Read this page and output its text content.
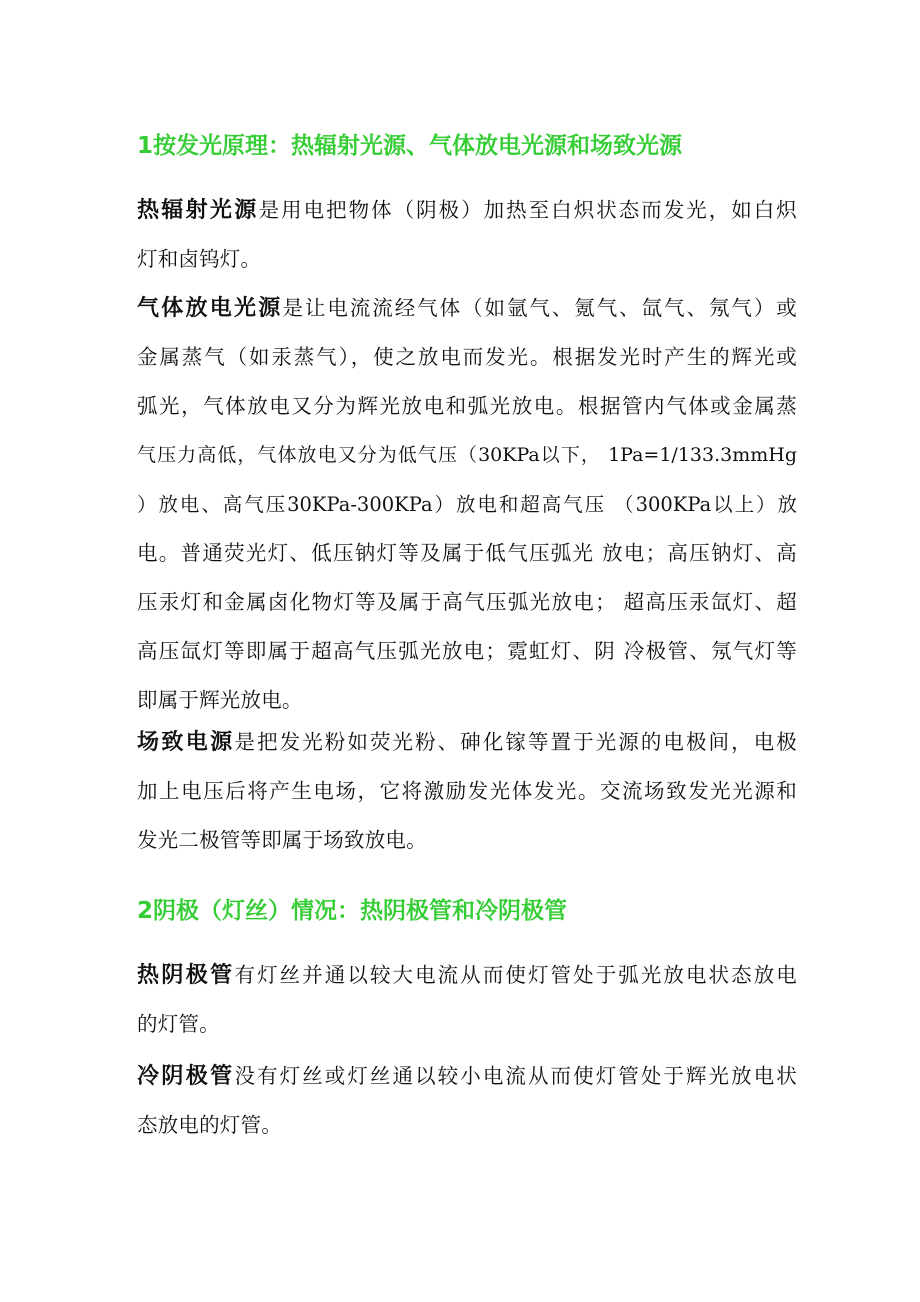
1按发光原理：热辐射光源、气体放电光源和场致光源
热辐射光源是用电把物体（阴极）加热至白炽状态而发光，如白炽
灯和卤钨灯。
气体放电光源是让电流流经气体（如氩气、氪气、氙气、氖气）或
金属蒸气（如汞蒸气），使之放电而发光。根据发光时产生的辉光或
弧光，气体放电又分为辉光放电和弧光放电。根据管内气体或金属蒸
气压力高低，气体放电又分为低气压（30KPa以下， 1Pa=1/133.3mmHg
）放电、高气压30KPa-300KPa）放电和超高气压 （300KPa以上）放
电。普通荧光灯、低压钠灯等及属于低气压弧光 放电；高压钠灯、高
压汞灯和金属卤化物灯等及属于高气压弧光放电； 超高压汞氙灯、超
高压氙灯等即属于超高气压弧光放电；霓虹灯、阴 冷极管、氖气灯等
即属于辉光放电。
场致电源是把发光粉如荧光粉、砷化镓等置于光源的电极间，电极
加上电压后将产生电场，它将激励发光体发光。交流场致发光光源和
发光二极管等即属于场致放电。
2阴极（灯丝）情况：热阴极管和冷阴极管
热阴极管有灯丝并通以较大电流从而使灯管处于弧光放电状态放电
的灯管。
冷阴极管没有灯丝或灯丝通以较小电流从而使灯管处于辉光放电状
态放电的灯管。
